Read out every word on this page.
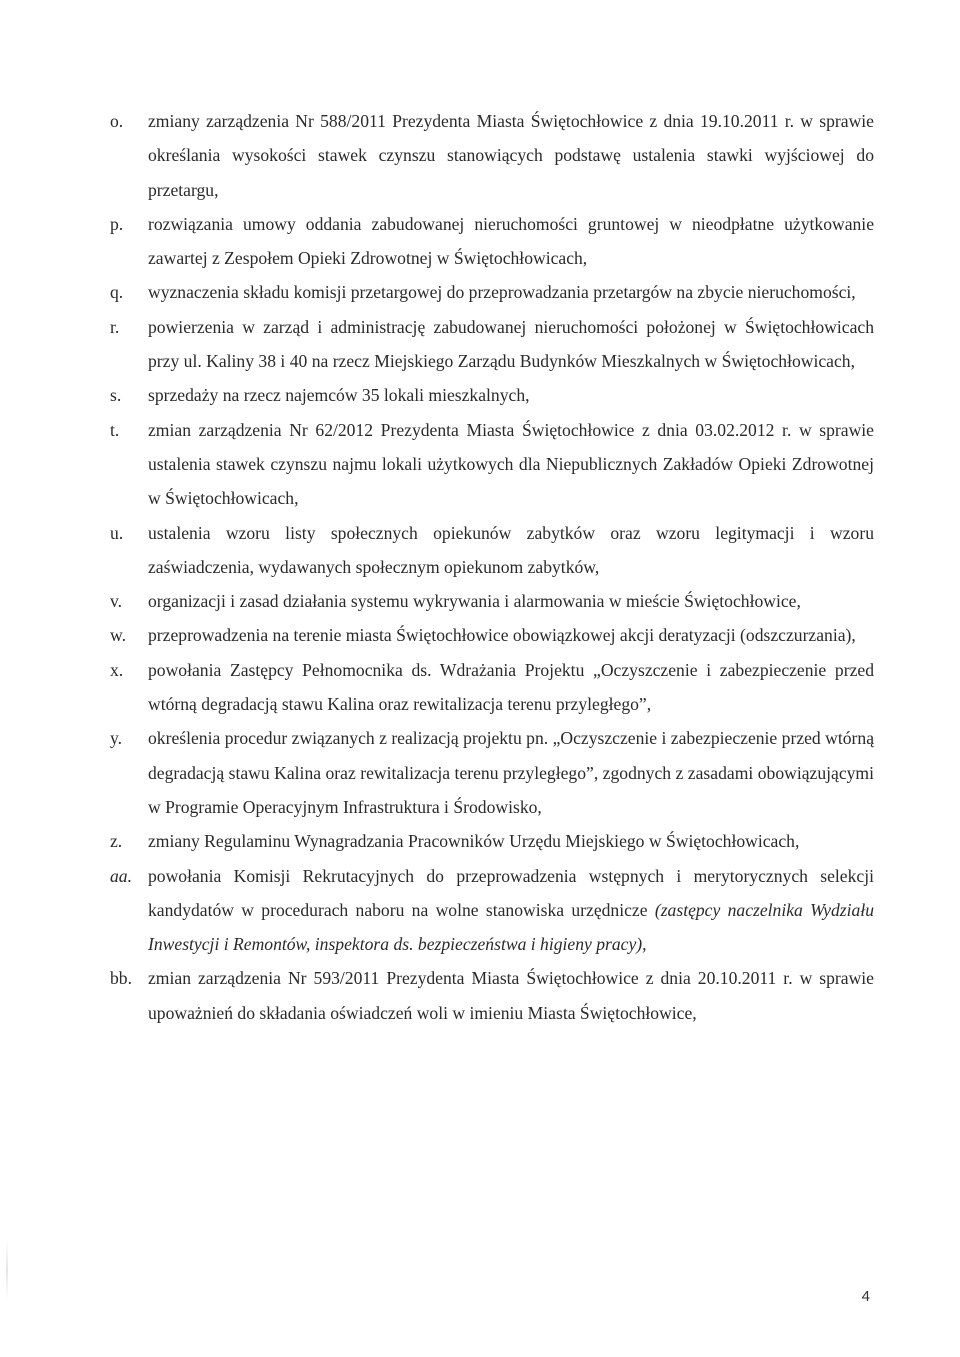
o.	zmiany zarządzenia Nr 588/2011 Prezydenta Miasta Świętochłowice z dnia 19.10.2011 r. w sprawie określania wysokości stawek czynszu stanowiących podstawę ustalenia stawki wyjściowej do przetargu,
p.	rozwiązania umowy oddania zabudowanej nieruchomości gruntowej w nieodpłatne użytkowanie zawartej z Zespołem Opieki Zdrowotnej w Świętochłowicach,
q.	wyznaczenia składu komisji przetargowej do przeprowadzania przetargów na zbycie nieruchomości,
r.	powierzenia w zarząd i administrację zabudowanej nieruchomości położonej w Świętochłowicach przy ul. Kaliny 38 i 40 na rzecz Miejskiego Zarządu Budynków Mieszkalnych w Świętochłowicach,
s.	sprzedaży na rzecz najemców 35 lokali mieszkalnych,
t.	zmian zarządzenia Nr 62/2012 Prezydenta Miasta Świętochłowice z dnia 03.02.2012 r. w sprawie ustalenia stawek czynszu najmu lokali użytkowych dla Niepublicznych Zakładów Opieki Zdrowotnej w Świętochłowicach,
u.	ustalenia wzoru listy społecznych opiekunów zabytków oraz wzoru legitymacji i wzoru zaświadczenia, wydawanych społecznym opiekunom zabytków,
v.	organizacji i zasad działania systemu wykrywania i alarmowania w mieście Świętochłowice,
w.	przeprowadzenia na terenie miasta Świętochłowice obowiązkowej akcji deratyzacji (odszczurzania),
x.	powołania Zastępcy Pełnomocnika ds. Wdrażania Projektu „Oczyszczenie i zabezpieczenie przed wtórną degradacją stawu Kalina oraz rewitalizacja terenu przyległego”,
y.	określenia procedur związanych z realizacją projektu pn. „Oczyszczenie i zabezpieczenie przed wtórną degradacją stawu Kalina oraz rewitalizacja terenu przyległego”, zgodnych z zasadami obowiązującymi w Programie Operacyjnym Infrastruktura i Środowisko,
z.	zmiany Regulaminu Wynagradzania Pracowników Urzędu Miejskiego w Świętochłowicach,
aa. powołania Komisji Rekrutacyjnych do przeprowadzenia wstępnych i merytorycznych selekcji kandydatów w procedurach naboru na wolne stanowiska urzędnicze (zastępcy naczelnika Wydziału Inwestycji i Remontów, inspektora ds. bezpieczeństwa i higieny pracy),
bb. zmian zarządzenia Nr 593/2011 Prezydenta Miasta Świętochłowice z dnia 20.10.2011 r. w sprawie upoważnień do składania oświadczeń woli w imieniu Miasta Świętochłowice,
4
